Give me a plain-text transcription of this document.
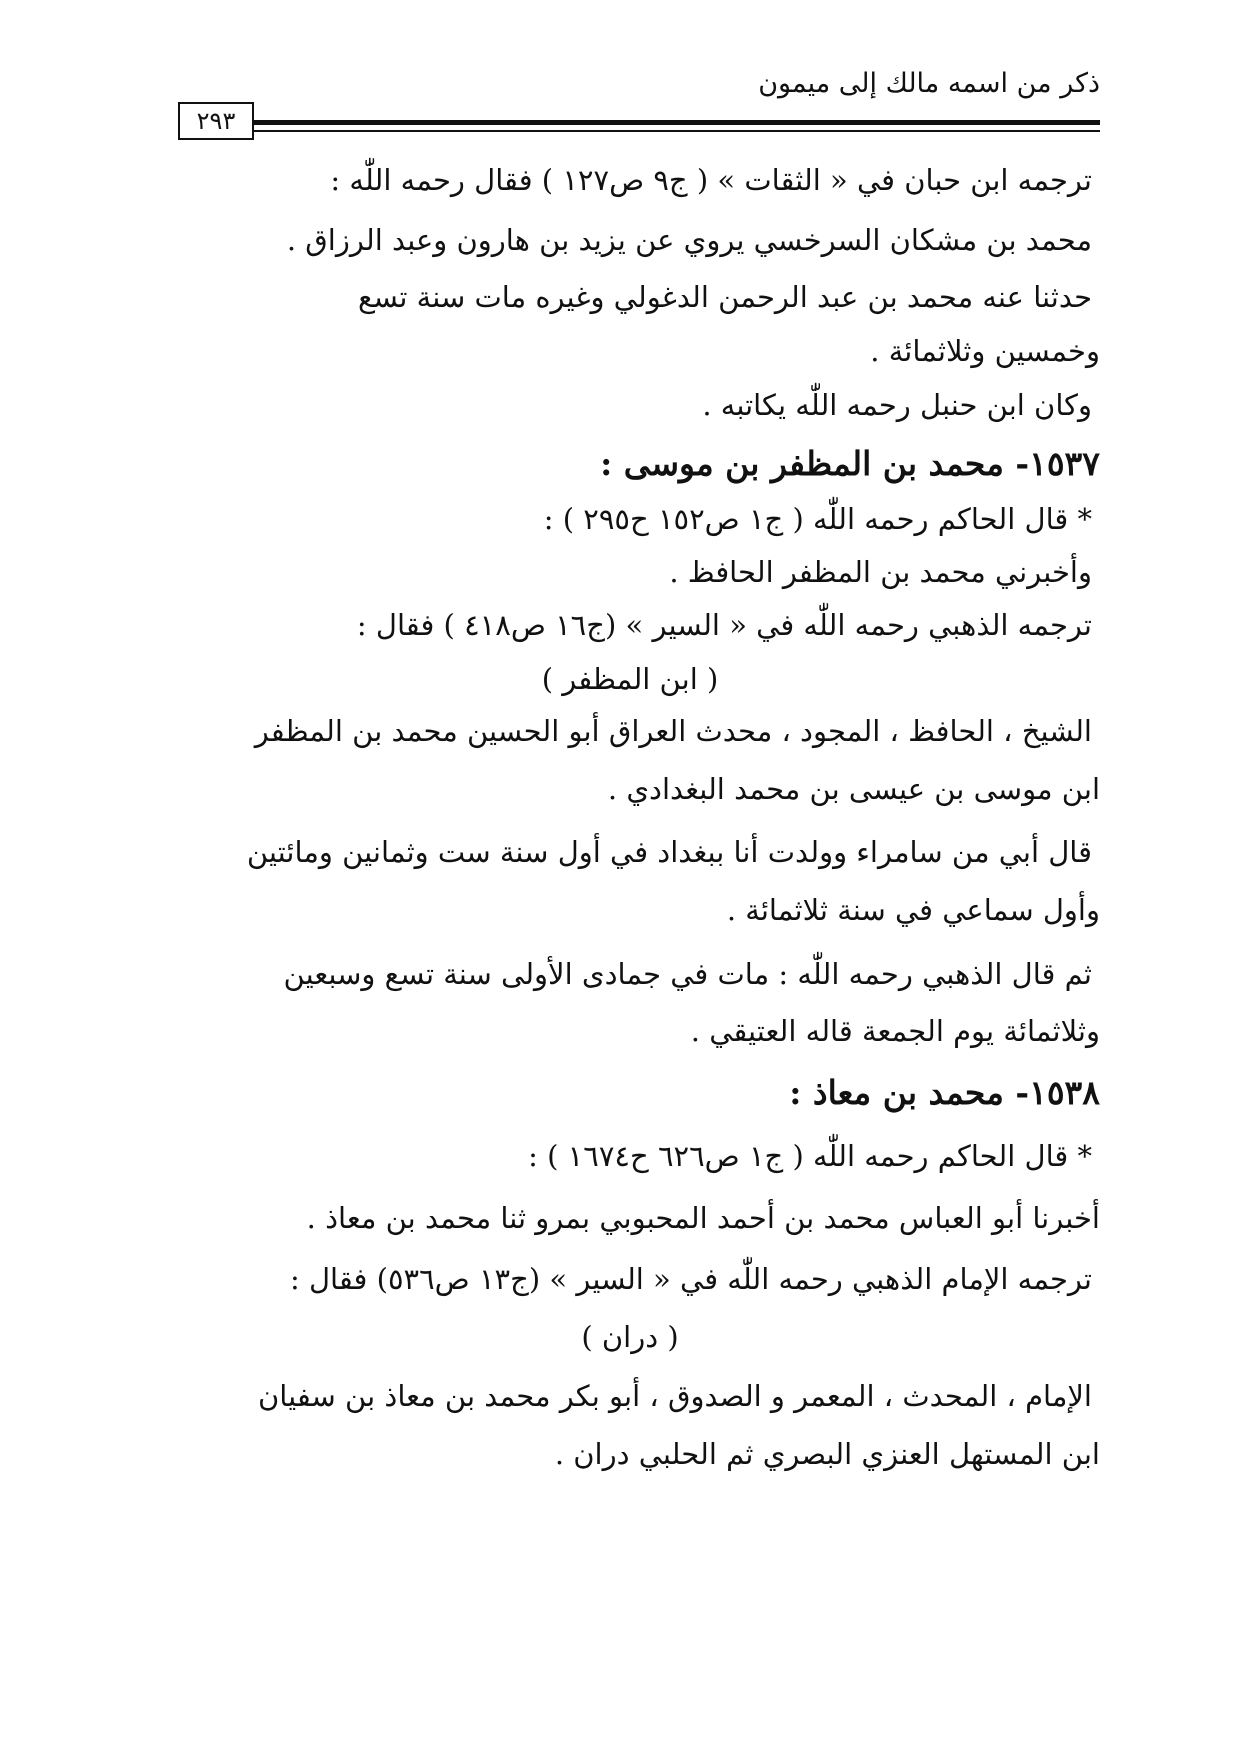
ذكر من اسمه مالك إلى ميمون
٢٩٣
ترجمه ابن حبان في « الثقات » ( ج٩ ص١٢٧ ) فقال رحمه اللّٰه :
محمد بن مشكان السرخسي يروي عن يزيد بن هارون وعبد الرزاق .
حدثنا عنه محمد بن عبد الرحمن الدغولي وغيره مات سنة تسع
وخمسين وثلاثمائة .
وكان ابن حنبل رحمه اللّٰه يكاتبه .
١٥٣٧- محمد بن المظفر بن موسى :
* قال الحاكم رحمه اللّٰه ( ج١ ص١٥٢ ح٢٩٥ ) :
وأخبرني محمد بن المظفر الحافظ .
ترجمه الذهبي رحمه اللّٰه في « السير » (ج١٦ ص٤١٨ ) فقال :
( ابن المظفر )
الشيخ ، الحافظ ، المجود ، محدث العراق أبو الحسين محمد بن المظفر
ابن موسى بن عيسى بن محمد البغدادي .
قال أبي من سامراء وولدت أنا ببغداد في أول سنة ست وثمانين ومائتين
وأول سماعي في سنة ثلاثمائة .
ثم قال الذهبي رحمه اللّٰه : مات في جمادى الأولى سنة تسع وسبعين
وثلاثمائة يوم الجمعة قاله العتيقي .
١٥٣٨- محمد بن معاذ :
* قال الحاكم رحمه اللّٰه ( ج١ ص٦٢٦ ح١٦٧٤ ) :
أخبرنا أبو العباس محمد بن أحمد المحبوبي بمرو ثنا محمد بن معاذ .
ترجمه الإمام الذهبي رحمه اللّٰه في « السير » (ج١٣ ص٥٣٦) فقال :
( دران )
الإمام ، المحدث ، المعمر و الصدوق ، أبو بكر محمد بن معاذ بن سفيان
ابن المستهل العنزي البصري ثم الحلبي دران .
